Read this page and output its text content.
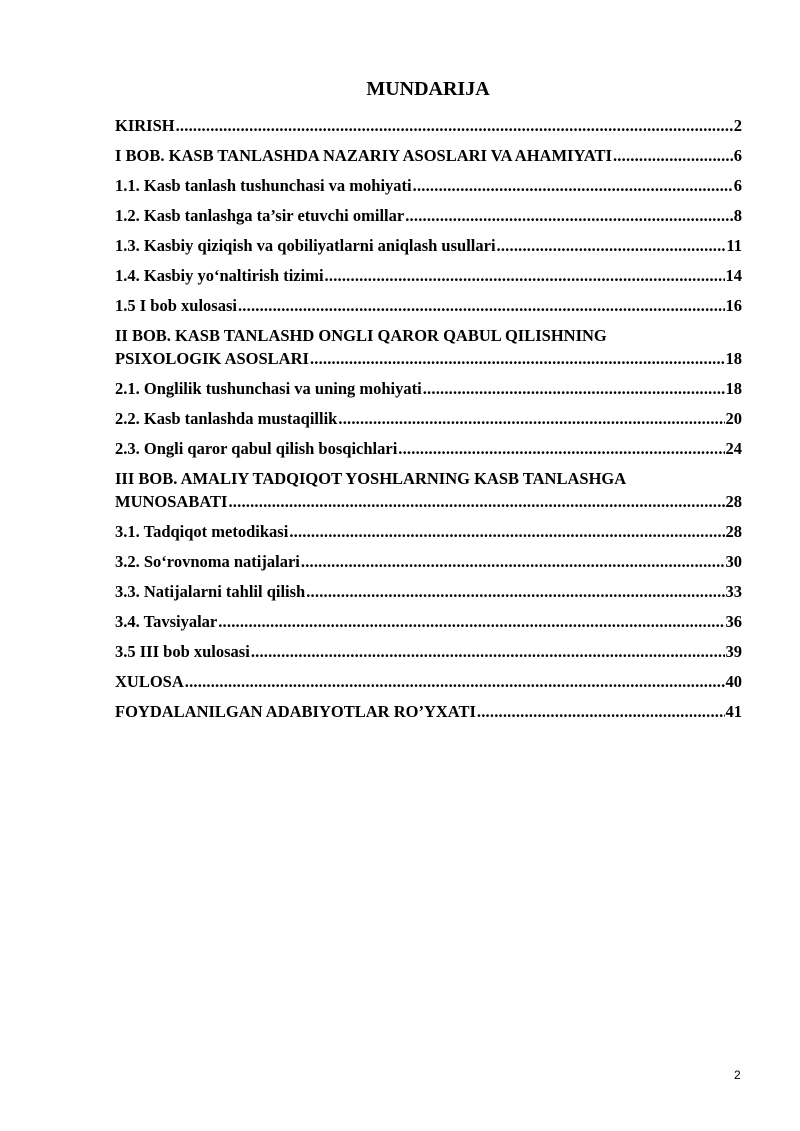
MUNDARIJA
KIRISH .....	2
I BOB. KASB TANLASHDA NAZARIY ASOSLARI VA AHAMIYATI .....	6
1.1. Kasb tanlash tushunchasi va mohiyati .....	6
1.2. Kasb tanlashga ta’sir etuvchi omillar .....	8
1.3. Kasbiy qiziqish va qobiliyatlarni aniqlash usullari .....	11
1.4. Kasbiy yo‘naltirish tizimi .....	14
1.5 I bob xulosasi .....	16
II BOB. KASB TANLASHD ONGLI QAROR QABUL QILISHNING
PSIXOLOGIK ASOSLARI .....	18
2.1. Onglilik tushunchasi va uning mohiyati .....	18
2.2. Kasb tanlashda mustaqillik .....	20
2.3. Ongli qaror qabul qilish bosqichlari .....	24
III BOB. AMALIY TADQIQOT YOSHLARNING KASB TANLASHGA
MUNOSABATI .....	28
3.1. Tadqiqot metodikasi .....	28
3.2. So‘rovnoma natijalari .....	30
3.3. Natijalarni tahlil qilish .....	33
3.4. Tavsiyalar .....	36
3.5 III bob xulosasi .....	39
XULOSA .....	40
FOYDALANILGAN ADABIYOTLAR RO’YXATI .....	41
2
